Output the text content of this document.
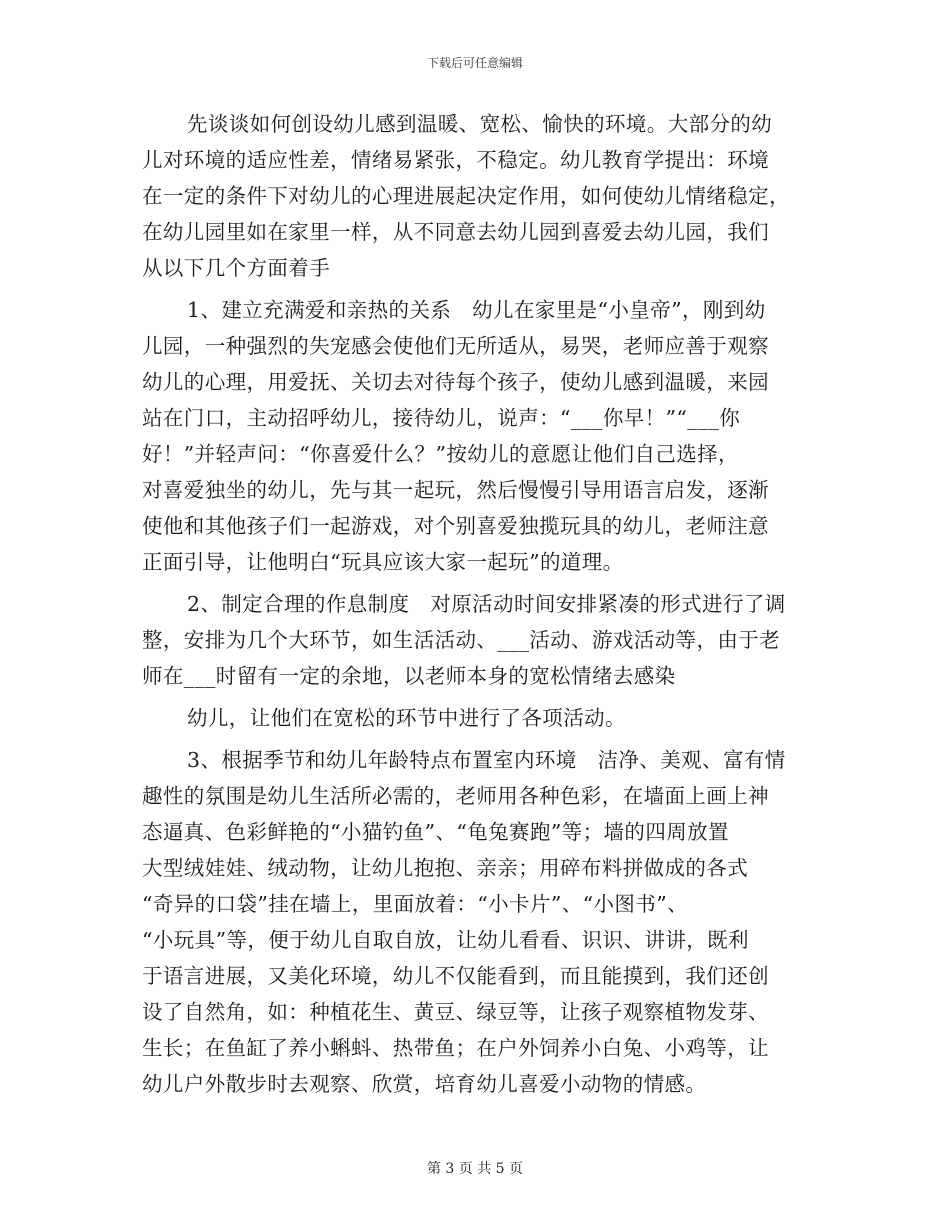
下载后可任意编辑
先谈谈如何创设幼儿感到温暖、宽松、愉快的环境。大部分的幼
儿对环境的适应性差，情绪易紧张，不稳定。幼儿教育学提出：环境
在一定的条件下对幼儿的心理进展起决定作用，如何使幼儿情绪稳定，
在幼儿园里如在家里一样，从不同意去幼儿园到喜爱去幼儿园，我们
从以下几个方面着手
1、建立充满爱和亲热的关系　幼儿在家里是“小皇帝”，刚到幼
儿园，一种强烈的失宠感会使他们无所适从，易哭，老师应善于观察
幼儿的心理，用爱抚、关切去对待每个孩子，使幼儿感到温暖，来园
站在门口，主动招呼幼儿，接待幼儿，说声：“___你早！”“___你
好！”并轻声问：“你喜爱什么？”按幼儿的意愿让他们自己选择，
对喜爱独坐的幼儿，先与其一起玩，然后慢慢引导用语言启发，逐渐
使他和其他孩子们一起游戏，对个别喜爱独揽玩具的幼儿，老师注意
正面引导，让他明白“玩具应该大家一起玩”的道理。
2、制定合理的作息制度　对原活动时间安排紧凑的形式进行了调
整，安排为几个大环节，如生活活动、___活动、游戏活动等，由于老
师在___时留有一定的余地，以老师本身的宽松情绪去感染
幼儿，让他们在宽松的环节中进行了各项活动。
3、根据季节和幼儿年龄特点布置室内环境　洁净、美观、富有情
趣性的氛围是幼儿生活所必需的，老师用各种色彩，在墙面上画上神
态逼真、色彩鲜艳的“小猫钓鱼”、“龟兔赛跑”等；墙的四周放置
大型绒娃娃、绒动物，让幼儿抱抱、亲亲；用碎布料拼做成的各式
“奇异的口袋”挂在墙上，里面放着：“小卡片”、“小图书”、
“小玩具”等，便于幼儿自取自放，让幼儿看看、识识、讲讲，既利
于语言进展，又美化环境，幼儿不仅能看到，而且能摸到，我们还创
设了自然角，如：种植花生、黄豆、绿豆等，让孩子观察植物发芽、
生长；在鱼缸了养小蝌蚪、热带鱼；在户外饲养小白兔、小鸡等，让
幼儿户外散步时去观察、欣赏，培育幼儿喜爱小动物的情感。
第 3 页 共 5 页
